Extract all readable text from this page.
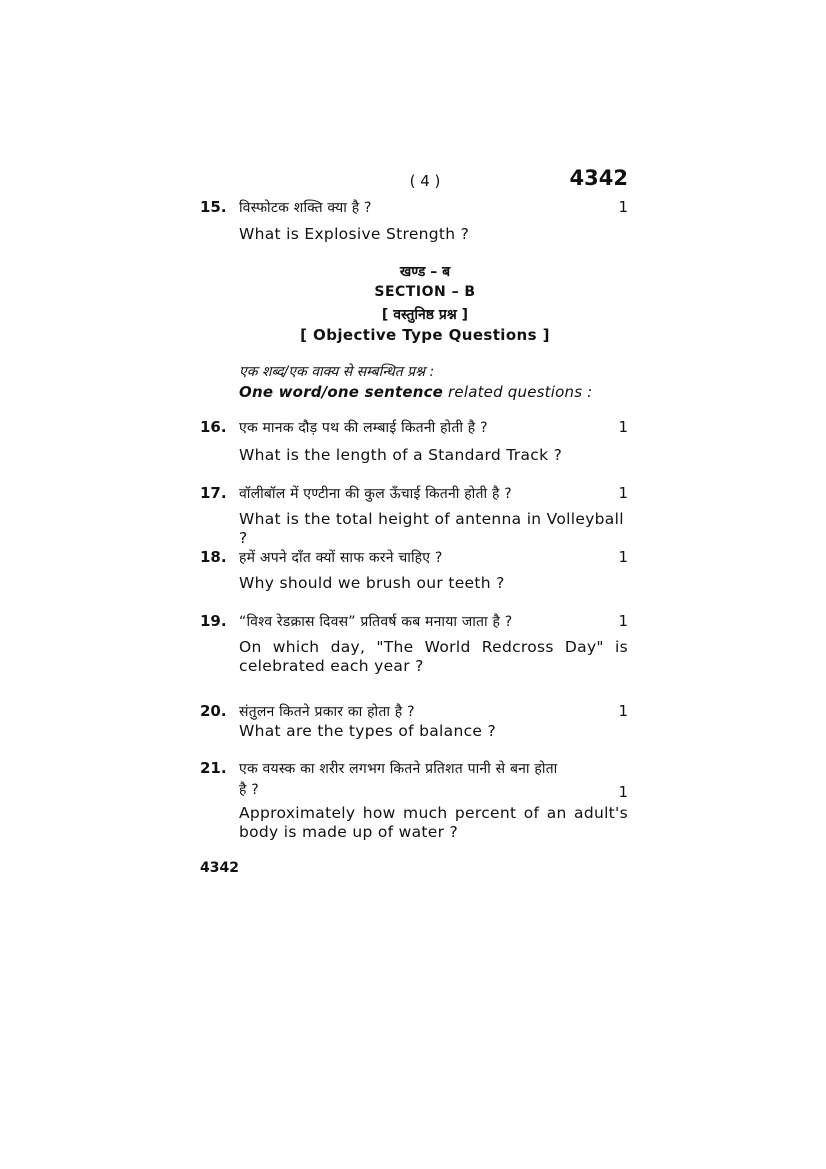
( 4 )	4342
15. विस्फोटक शक्ति क्या है ?	1
What is Explosive Strength ?
खण्ड – ब
SECTION – B
[ वस्तुनिष्ठ प्रश्न ]
[ Objective Type Questions ]
एक शब्द/एक वाक्य से सम्बन्धित प्रश्न :
One word/one sentence related questions :
16. एक मानक दौड़ पथ की लम्बाई कितनी होती है ?	1
What is the length of a Standard Track ?
17. वॉलीबॉल में एण्टीना की कुल ऊँचाई कितनी होती है ?	1
What is the total height of antenna in Volleyball ?
18. हमें अपने दाँत क्यों साफ करने चाहिए ?	1
Why should we brush our teeth ?
19. “विश्व रेडक्रास दिवस” प्रतिवर्ष कब मनाया जाता है ?	1
On which day, "The World Redcross Day" is celebrated each year ?
20. संतुलन कितने प्रकार का होता है ?	1
What are the types of balance ?
21. एक वयस्क का शरीर लगभग कितने प्रतिशत पानी से बना होता
है ?	1
Approximately how much percent of an adult's body is made up of water ?
4342
